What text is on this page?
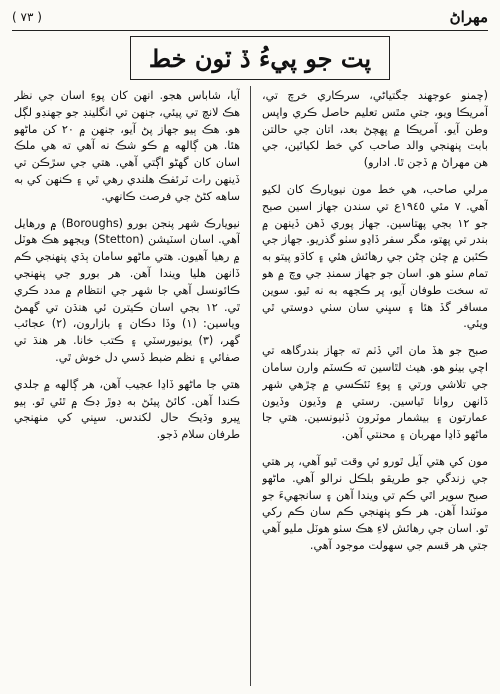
( ٧٣ )	مهراڻ
پت جو پيءُ ڏ ٽون خط

(چمنو عوجهند جگتياڻي، سرڪاري خرچ تي، آمريڪا ويو، جتي مٿس تعليم حاصل ڪري واپس وطن آيو. آمريڪا ۾ پهچڻ بعد، اتان جي حالتن بابت پنهنجي والد صاحب کي خط لکيائين، جي هن مهراڻ ۾ ڏجن ٿا. ادارو)

مرلي صاحب، هي خط مون نيويارڪ کان لکيو آهي. ٧ مئي ١٩٤٥ع تي سندن جهاز اسين صبح جو ١٢ بجي پهتاسين. جهاز پوري ڏهن ڏينهن ۾ بندر تي پهتو، مگر سفر ڏاڍو سٺو گذريو. جهاز جي ڪئبن ۾ چئن ڄڻن جي رهائش هئي ۽ کاڌو پيتو به تمام سٺو هو. اسان جو جهاز سمنڊ جي وچ ۾ هو ته سخت طوفان آيو، پر ڪجهه به نه ٿيو. سوين مسافر گڏ هئا ۽ سڀني سان سٺي دوستي ٿي ويئي.

صبح جو هڏ مان اٿي ڏٺم ته جهاز بندرگاهه تي اچي بيٺو هو. هيٺ لٿاسين ته ڪسٽم وارن سامان جي تلاشي ورتي ۽ پوءِ ٽئڪسي ۾ چڙهي شهر ڏانهن روانا ٿياسين. رستي ۾ وڏيون وڏيون عمارتون ۽ بيشمار موٽرون ڏٺيونسين. هتي جا ماڻهو ڏاڍا مهربان ۽ محنتي آهن.

مون کي هتي آيل ٿورو ئي وقت ٿيو آهي، پر هتي جي زندگي جو طريقو بلڪل نرالو آهي. ماڻهو صبح سوير اٿي ڪم تي ويندا آهن ۽ سانجهيءَ جو موٽندا آهن. هر ڪو پنهنجي ڪم سان ڪم رکي ٿو. اسان جي رهائش لاءِ هڪ سٺو هوٽل مليو آهي جتي هر قسم جي سهولت موجود آهي.

آيا، شاباس هجو. انهن کان پوءِ اسان جي نظر هڪ لانچ تي پيئي، جنهن تي انگلينڊ جو جهنڊو لڳل هو. هڪ ٻيو جهاز پڻ آيو، جنهن ۾ ٢٠ کن ماڻهو هئا. هن ڳالهه ۾ ڪو شڪ نه آهي ته هي ملڪ اسان کان گهڻو اڳتي آهي. هتي جي سڙڪن تي ڏينهن رات ٽرئفڪ هلندي رهي ٿي ۽ ڪنهن کي به ساهه کڻڻ جي فرصت ڪانهي.

نيويارڪ شهر پنجن بورو (Boroughs) ۾ ورهايل آهي. اسان اسٽيشن (Stetton) ويجهو هڪ هوٽل ۾ رهيا آهيون. هتي ماڻهو سامان ٻڌي پنهنجي ڪم ڏانهن هليا ويندا آهن. هر بورو جي پنهنجي ڪائونسل آهي جا شهر جي انتظام ۾ مدد ڪري ٿي. ١٢ بجي اسان ڪيترن ئي هنڌن تي گهمڻ وياسين: (١) وڏا دڪان ۽ بازارون، (٢) عجائب گهر، (٣) يونيورسٽي ۽ ڪتب خانا. هر هنڌ تي صفائي ۽ نظم ضبط ڏسي دل خوش ٿي.

هتي جا ماڻهو ڏاڍا عجيب آهن، هر ڳالهه ۾ جلدي ڪندا آهن. کائڻ پيئڻ به ڊوڙ ڊڪ ۾ ٿئي ٿو. ٻيو ڀيرو وڌيڪ حال لکندس. سڀني کي منهنجي طرفان سلام ڏجو.
